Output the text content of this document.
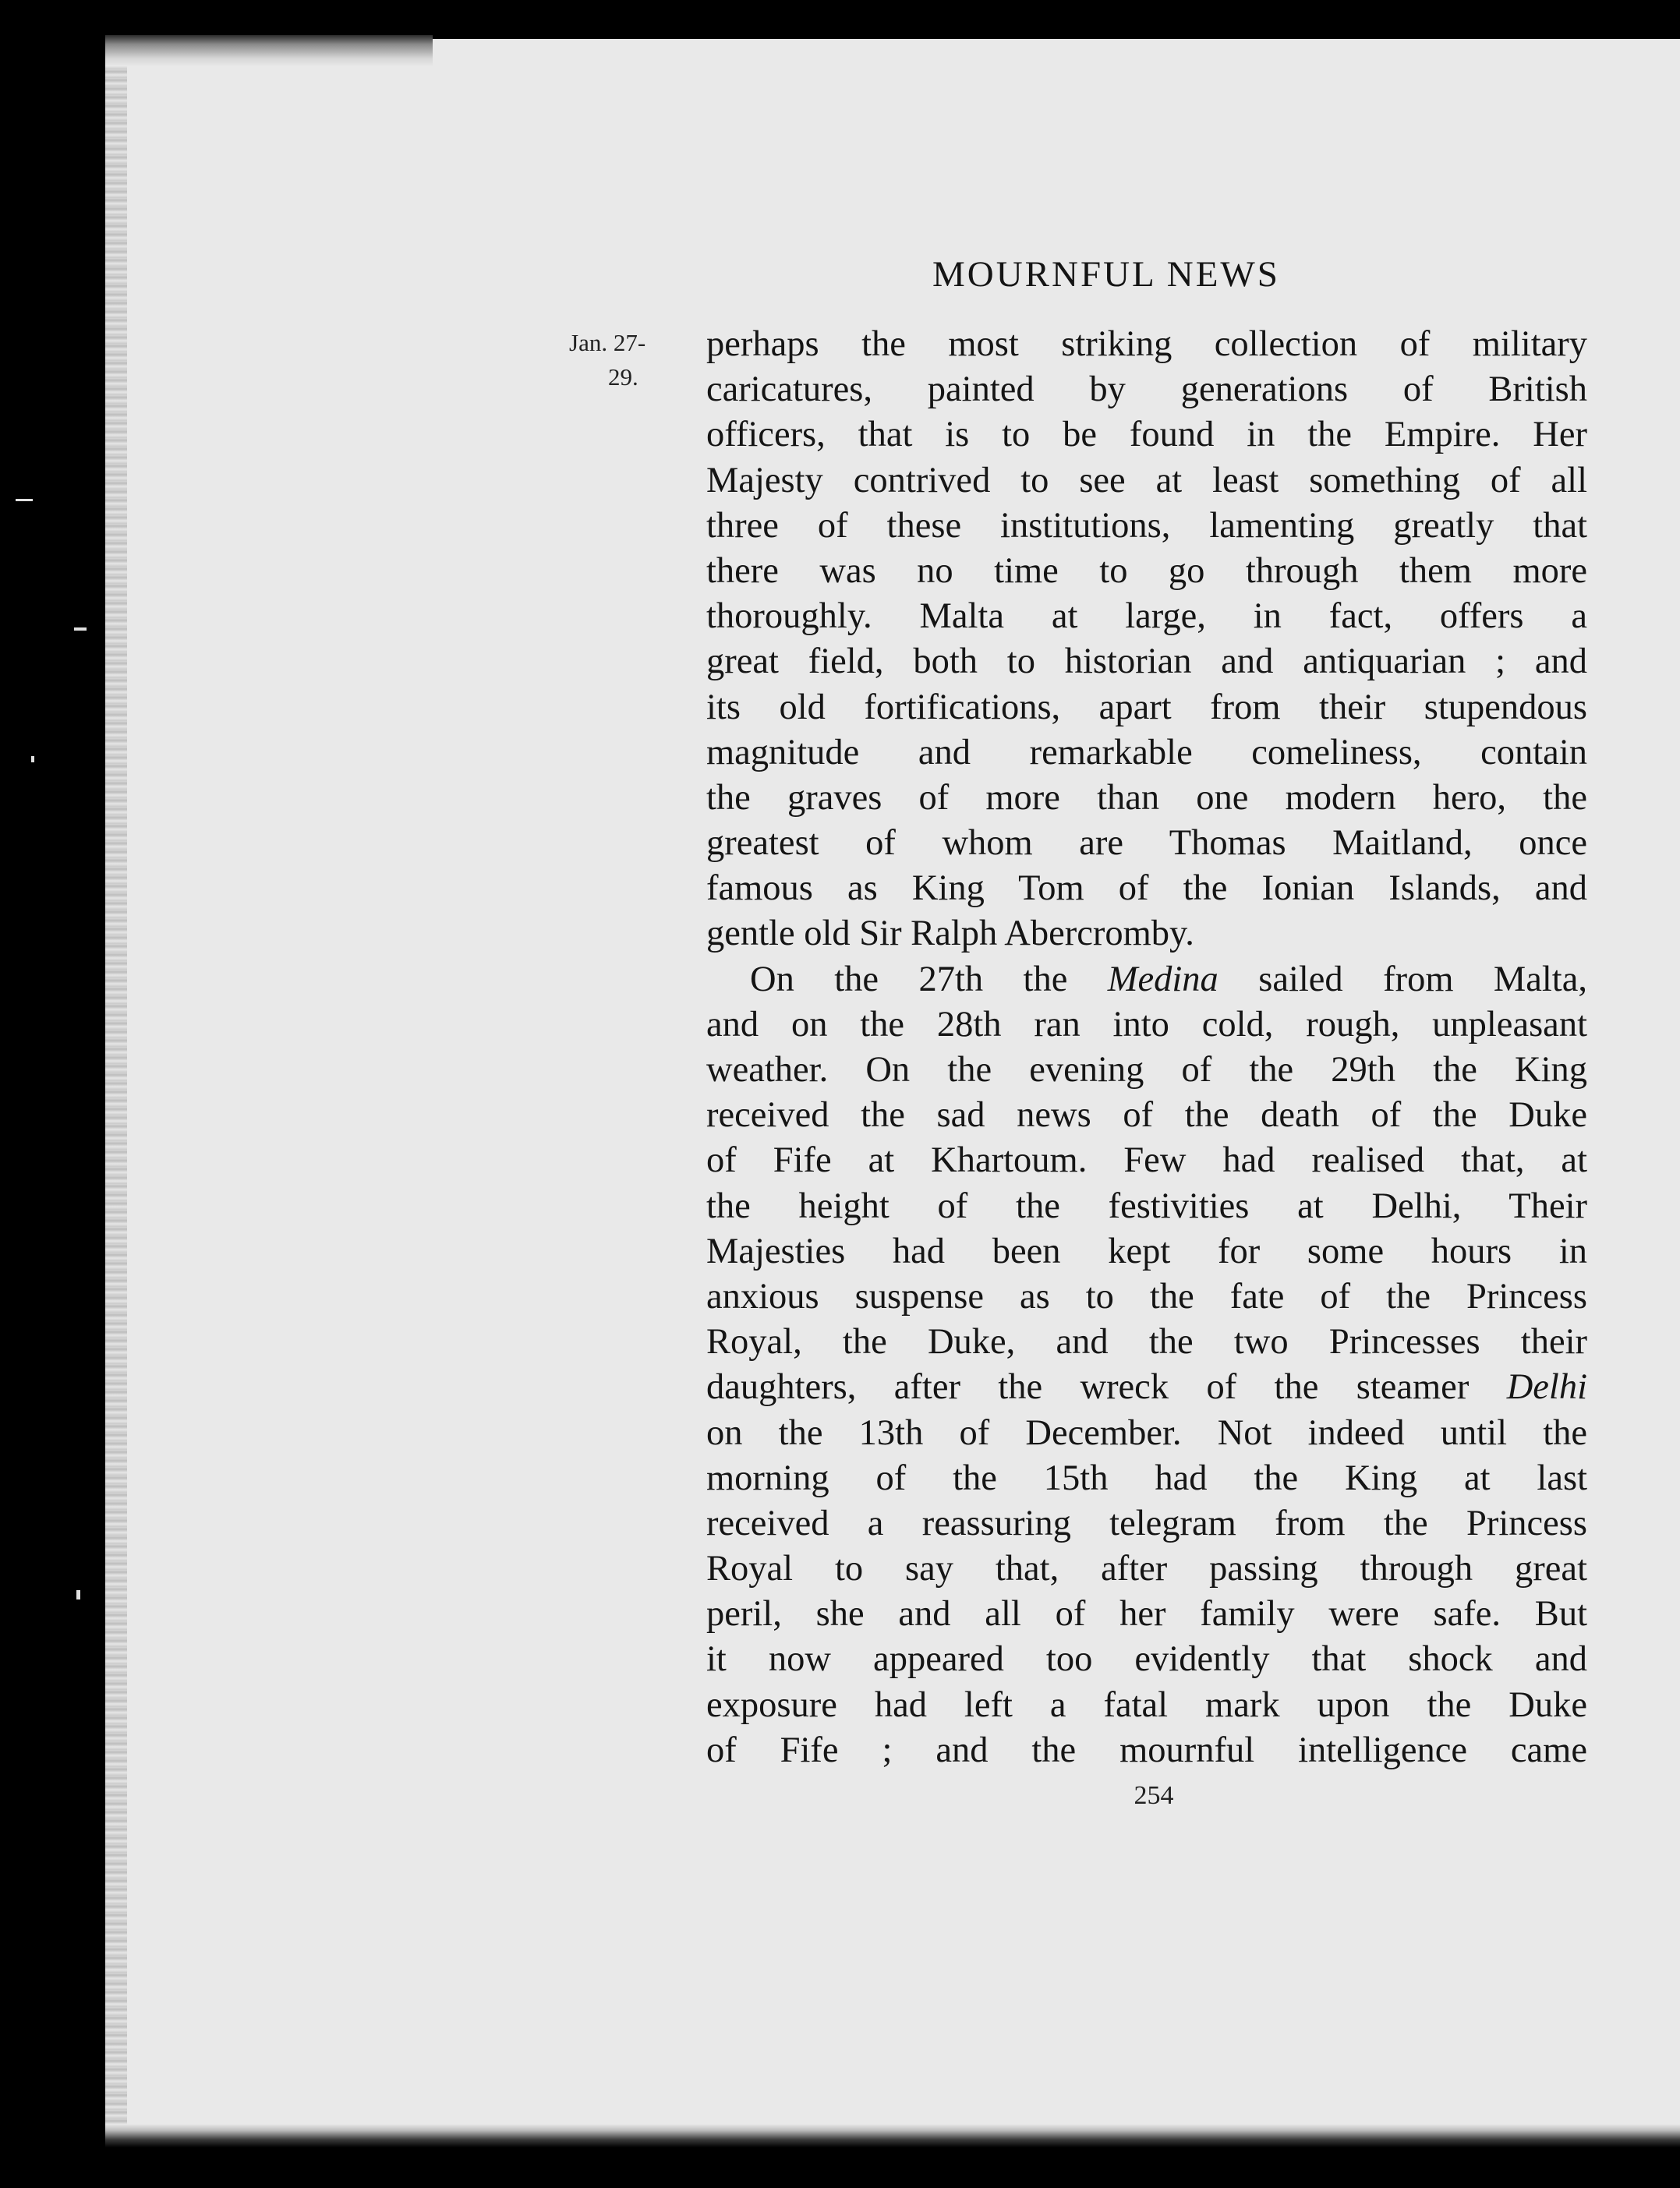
MOURNFUL NEWS
Jan. 27-
29.
perhaps the most striking collection of military
caricatures, painted by generations of British
officers, that is to be found in the Empire. Her
Majesty contrived to see at least something of all
three of these institutions, lamenting greatly that
there was no time to go through them more
thoroughly. Malta at large, in fact, offers a
great field, both to historian and antiquarian ; and
its old fortifications, apart from their stupendous
magnitude and remarkable comeliness, contain
the graves of more than one modern hero, the
greatest of whom are Thomas Maitland, once
famous as King Tom of the Ionian Islands, and
gentle old Sir Ralph Abercromby.
On the 27th the Medina sailed from Malta,
and on the 28th ran into cold, rough, unpleasant
weather. On the evening of the 29th the King
received the sad news of the death of the Duke
of Fife at Khartoum. Few had realised that, at
the height of the festivities at Delhi, Their
Majesties had been kept for some hours in
anxious suspense as to the fate of the Princess
Royal, the Duke, and the two Princesses their
daughters, after the wreck of the steamer Delhi
on the 13th of December. Not indeed until the
morning of the 15th had the King at last
received a reassuring telegram from the Princess
Royal to say that, after passing through great
peril, she and all of her family were safe. But
it now appeared too evidently that shock and
exposure had left a fatal mark upon the Duke
of Fife ; and the mournful intelligence came
254
